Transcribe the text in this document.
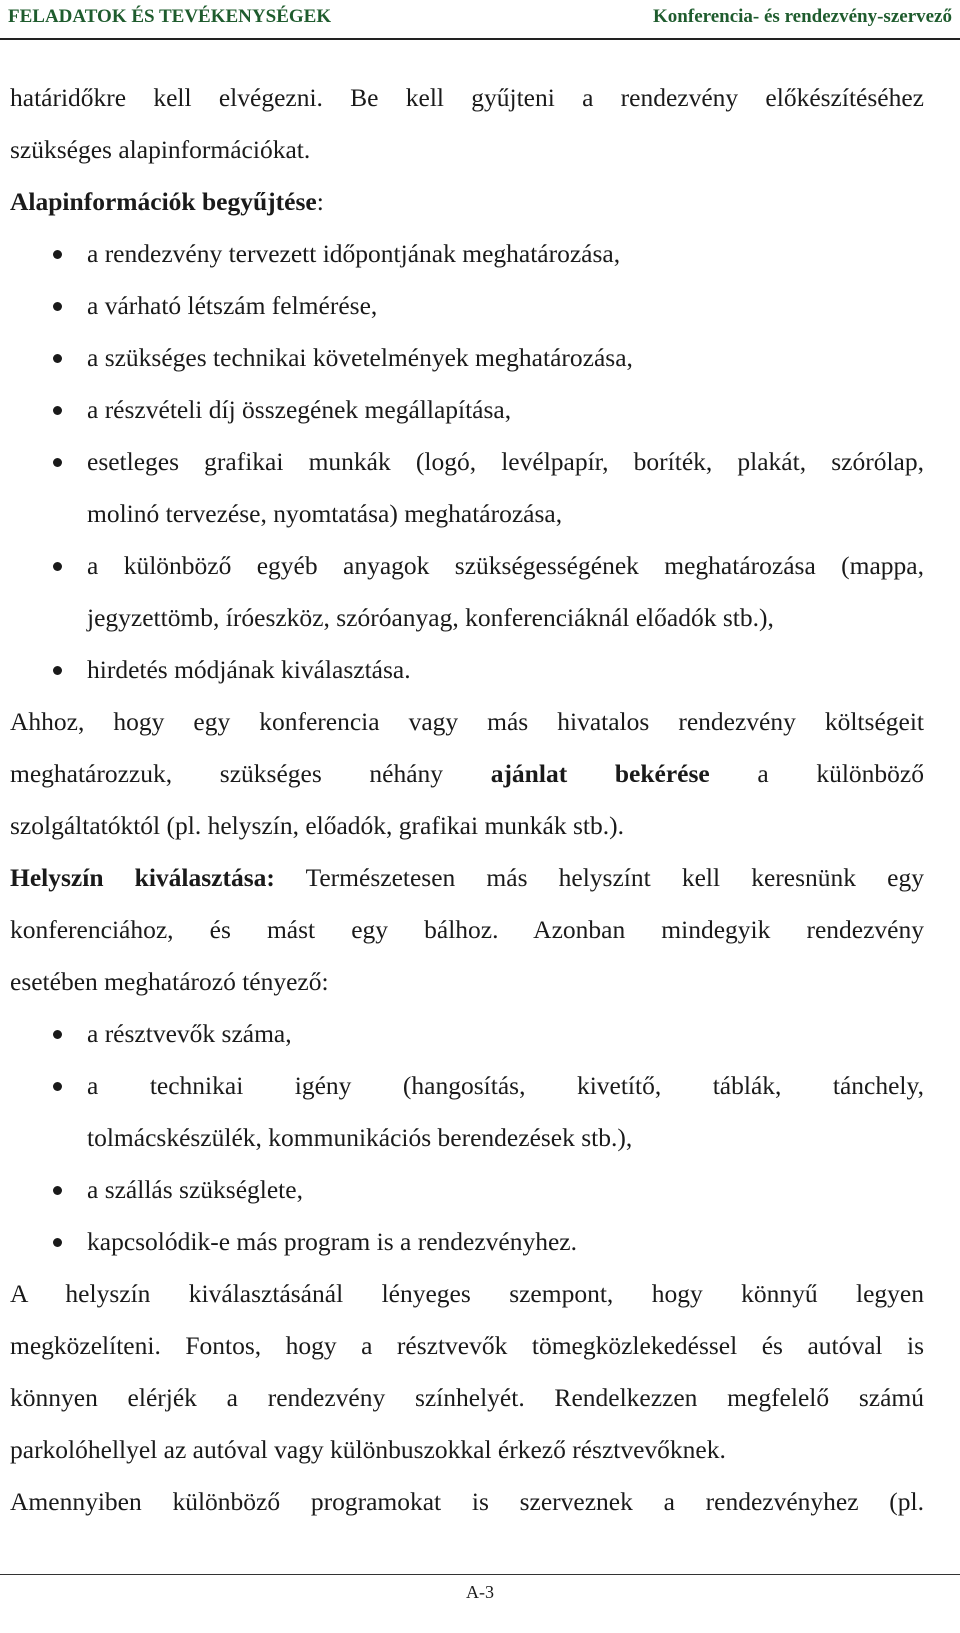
FELADATOK ÉS TEVÉKENYSÉGEK	Konferencia- és rendezvény-szervező
határidőkre kell elvégezni. Be kell gyűjteni a rendezvény előkészítéséhez
szükséges alapinformációkat.
Alapinformációk begyűjtése:
a rendezvény tervezett időpontjának meghatározása,
a várható létszám felmérése,
a szükséges technikai követelmények meghatározása,
a részvételi díj összegének megállapítása,
esetleges grafikai munkák (logó, levélpapír, boríték, plakát, szórólap,
molinó tervezése, nyomtatása) meghatározása,
a különböző egyéb anyagok szükségességének meghatározása (mappa,
jegyzettömb, íróeszköz, szóróanyag, konferenciáknál előadók stb.),
hirdetés módjának kiválasztása.
Ahhoz, hogy egy konferencia vagy más hivatalos rendezvény költségeit
meghatározzuk, szükséges néhány ajánlat bekérése a különböző
szolgáltatóktól (pl. helyszín, előadók, grafikai munkák stb.).
Helyszín kiválasztása: Természetesen más helyszínt kell keresnünk egy
konferenciához, és mást egy bálhoz. Azonban mindegyik rendezvény
esetében meghatározó tényező:
a résztvevők száma,
a technikai igény (hangosítás, kivetítő, táblák, tánchely,
tolmácskészülék, kommunikációs berendezések stb.),
a szállás szükséglete,
kapcsolódik-e más program is a rendezvényhez.
A helyszín kiválasztásánál lényeges szempont, hogy könnyű legyen
megközelíteni. Fontos, hogy a résztvevők tömegközlekedéssel és autóval is
könnyen elérjék a rendezvény színhelyét. Rendelkezzen megfelelő számú
parkolóhellyel az autóval vagy különbuszokkal érkező résztvevőknek.
Amennyiben különböző programokat is szerveznek a rendezvényhez (pl.
A-3
